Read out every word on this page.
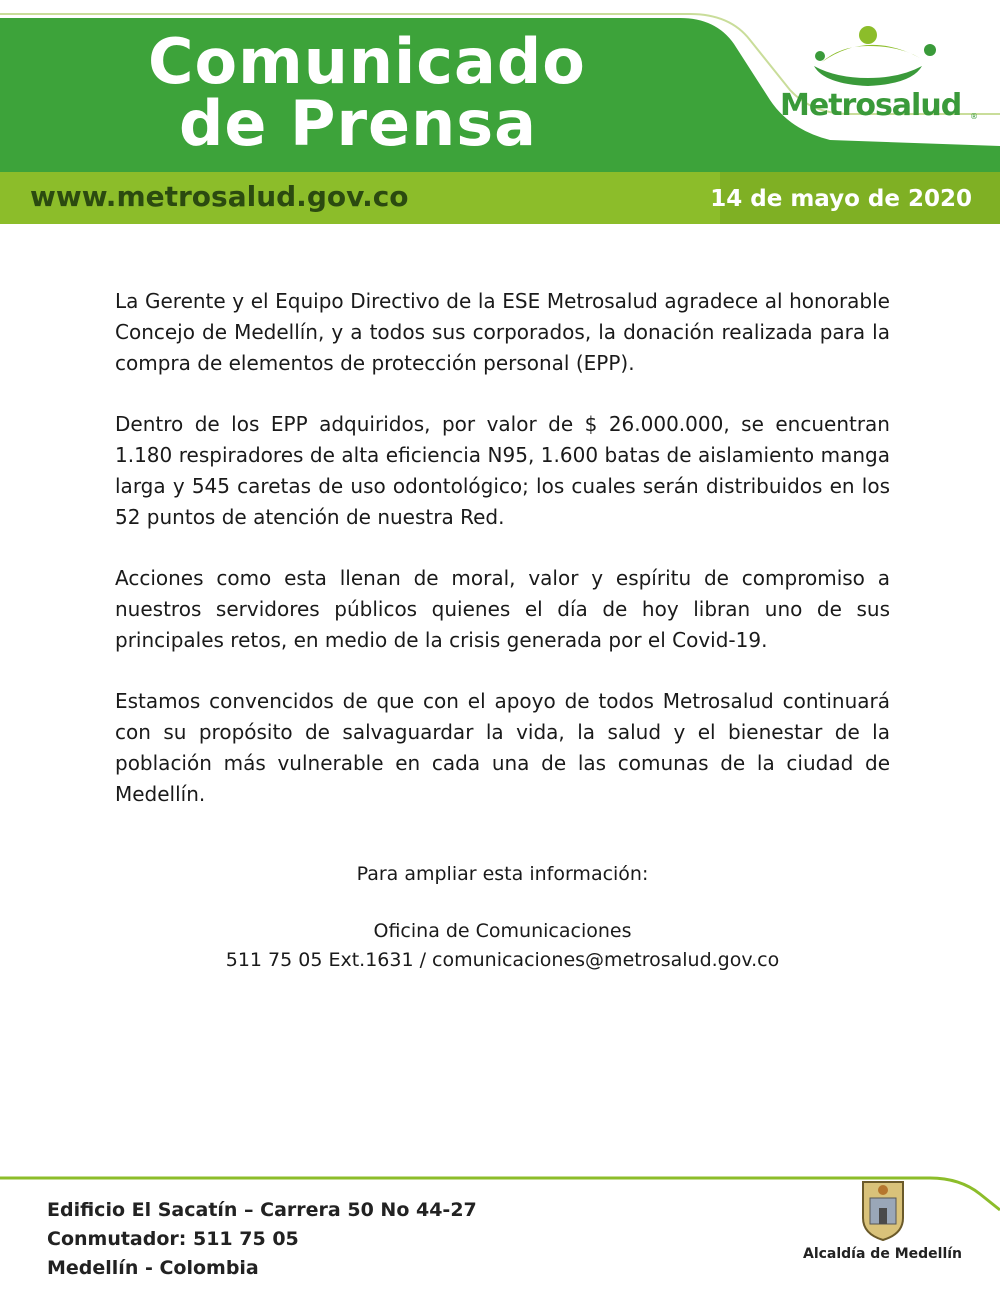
Comunicado
de Prensa	Metrosalud ®
www.metrosalud.gov.co	14 de mayo de 2020

La Gerente y el Equipo Directivo de la ESE Metrosalud agradece al honorable Concejo de Medellín, y a todos sus corporados, la donación realizada para la compra de elementos de protección personal (EPP).

Dentro de los EPP adquiridos, por valor de $ 26.000.000, se encuentran 1.180 respiradores de alta eficiencia N95, 1.600 batas de aislamiento manga larga y 545 caretas de uso odontológico; los cuales serán distribuidos en los 52 puntos de atención de nuestra Red.

Acciones como esta llenan de moral, valor y espíritu de compromiso a nuestros servidores públicos quienes el día de hoy libran uno de sus principales retos, en medio de la crisis generada por el Covid-19.

Estamos convencidos de que con el apoyo de todos Metrosalud continuará con su propósito de salvaguardar la vida, la salud y el bienestar de la población más vulnerable en cada una de las comunas de la ciudad de Medellín.

Para ampliar esta información:
Oficina de Comunicaciones
511 75 05 Ext.1631 / comunicaciones@metrosalud.gov.co
Edificio El Sacatín – Carrera 50 No 44-27
Conmutador: 511 75 05
Medellín - Colombia
Alcaldía de Medellín
